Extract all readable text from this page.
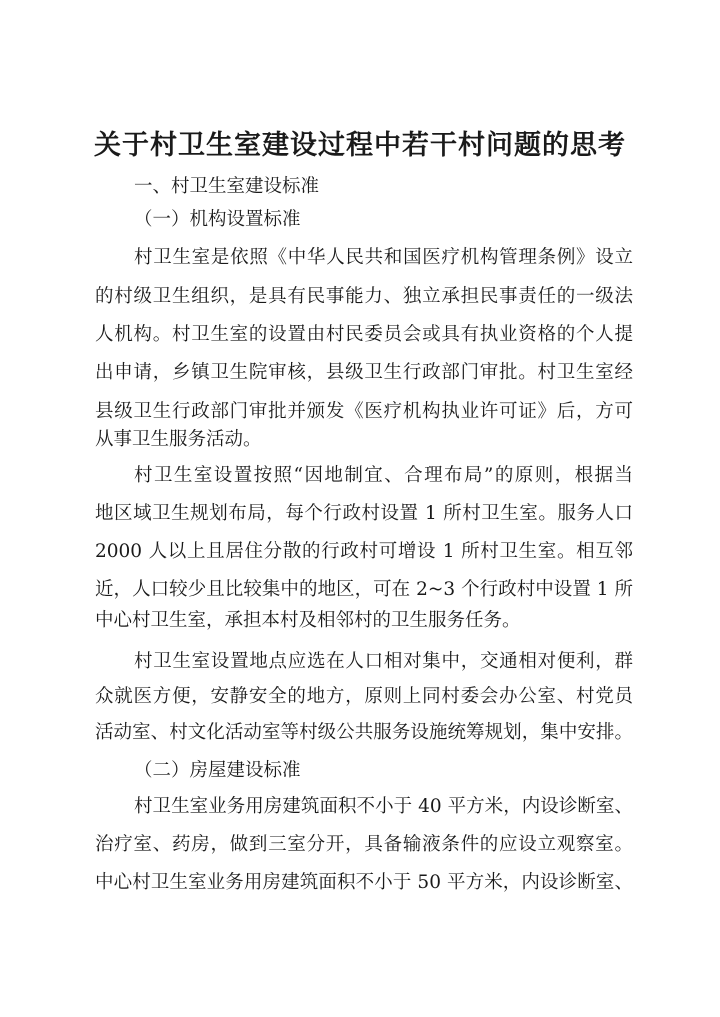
关于村卫生室建设过程中若干村问题的思考
一、村卫生室建设标准
（一）机构设置标准
村卫生室是依照《中华人民共和国医疗机构管理条例》设立
的村级卫生组织，是具有民事能力、独立承担民事责任的一级法
人机构。村卫生室的设置由村民委员会或具有执业资格的个人提
出申请，乡镇卫生院审核，县级卫生行政部门审批。村卫生室经
县级卫生行政部门审批并颁发《医疗机构执业许可证》后，方可
从事卫生服务活动。
村卫生室设置按照“因地制宜、合理布局”的原则，根据当
地区域卫生规划布局，每个行政村设置 1 所村卫生室。服务人口
2000 人以上且居住分散的行政村可增设 1 所村卫生室。相互邻
近，人口较少且比较集中的地区，可在 2~3 个行政村中设置 1 所
中心村卫生室，承担本村及相邻村的卫生服务任务。
村卫生室设置地点应选在人口相对集中，交通相对便利，群
众就医方便，安静安全的地方，原则上同村委会办公室、村党员
活动室、村文化活动室等村级公共服务设施统筹规划，集中安排。
（二）房屋建设标准
村卫生室业务用房建筑面积不小于 40 平方米，内设诊断室、
治疗室、药房，做到三室分开，具备输液条件的应设立观察室。
中心村卫生室业务用房建筑面积不小于 50 平方米，内设诊断室、
